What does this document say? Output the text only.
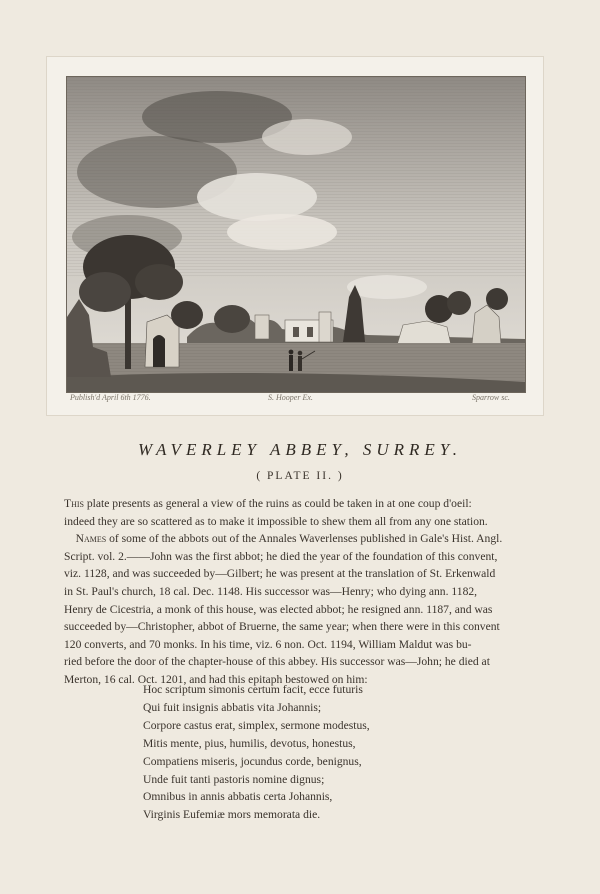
Publish'd April 6th 1776.	S. Hooper Ex.	Sparrow sc.
WAVERLEY ABBEY, SURREY.
( PLATE II. )

This plate presents as general a view of the ruins as could be taken in at one coup d'oeil:
indeed they are so scattered as to make it impossible to shew them all from any one station.

 Names of some of the abbots out of the Annales Waverlenses published in Gale's Hist. Angl.
Script. vol. 2.——John was the first abbot; he died the year of the foundation of this convent,
viz. 1128, and was succeeded by—Gilbert; he was present at the translation of St. Erkenwald
in St. Paul's church, 18 cal. Dec. 1148. His successor was—Henry; who dying ann. 1182,
Henry de Cicestria, a monk of this house, was elected abbot; he resigned ann. 1187, and was
succeeded by—Christopher, abbot of Bruerne, the same year; when there were in this convent
120 converts, and 70 monks. In his time, viz. 6 non. Oct. 1194, William Maldut was bu-
ried before the door of the chapter-house of this abbey. His successor was—John; he died at
Merton, 16 cal. Oct. 1201, and had this epitaph bestowed on him:

Hoc scriptum simonis certum facit, ecce futuris
Qui fuit insignis abbatis vita Johannis;
Corpore castus erat, simplex, sermone modestus,
Mitis mente, pius, humilis, devotus, honestus,
Compatiens miseris, jocundus corde, benignus,
Unde fuit tanti pastoris nomine dignus;
Omnibus in annis abbatis certa Johannis,
Virginis Eufemiæ mors memorata die.
